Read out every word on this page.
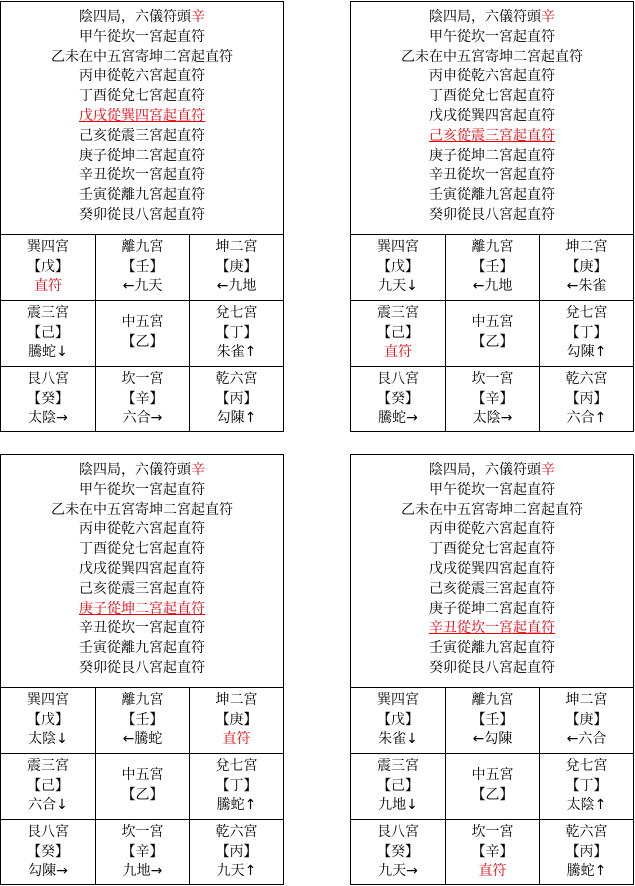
陰四局，六儀符頭辛
甲午從坎一宮起直符
乙未在中五宮寄坤二宮起直符
丙申從乾六宮起直符
丁酉從兌七宮起直符
戊戌從巽四宮起直符
己亥從震三宮起直符
庚子從坤二宮起直符
辛丑從坎一宮起直符
壬寅從離九宮起直符
癸卯從艮八宮起直符
巽四宮
【戊】
直符
離九宮
【壬】
←九天
坤二宮
【庚】
←九地
震三宮
【己】
騰蛇↓
中五宮
【乙】
兌七宮
【丁】
朱雀↑
艮八宮
【癸】
太陰→
坎一宮
【辛】
六合→
乾六宮
【丙】
勾陳↑
陰四局，六儀符頭辛
甲午從坎一宮起直符
乙未在中五宮寄坤二宮起直符
丙申從乾六宮起直符
丁酉從兌七宮起直符
戊戌從巽四宮起直符
己亥從震三宮起直符
庚子從坤二宮起直符
辛丑從坎一宮起直符
壬寅從離九宮起直符
癸卯從艮八宮起直符
巽四宮
【戊】
九天↓
離九宮
【壬】
←九地
坤二宮
【庚】
←朱雀
震三宮
【己】
直符
中五宮
【乙】
兌七宮
【丁】
勾陳↑
艮八宮
【癸】
騰蛇→
坎一宮
【辛】
太陰→
乾六宮
【丙】
六合↑
陰四局，六儀符頭辛
甲午從坎一宮起直符
乙未在中五宮寄坤二宮起直符
丙申從乾六宮起直符
丁酉從兌七宮起直符
戊戌從巽四宮起直符
己亥從震三宮起直符
庚子從坤二宮起直符
辛丑從坎一宮起直符
壬寅從離九宮起直符
癸卯從艮八宮起直符
巽四宮
【戊】
太陰↓
離九宮
【壬】
←騰蛇
坤二宮
【庚】
直符
震三宮
【己】
六合↓
中五宮
【乙】
兌七宮
【丁】
騰蛇↑
艮八宮
【癸】
勾陳→
坎一宮
【辛】
九地→
乾六宮
【丙】
九天↑
陰四局，六儀符頭辛
甲午從坎一宮起直符
乙未在中五宮寄坤二宮起直符
丙申從乾六宮起直符
丁酉從兌七宮起直符
戊戌從巽四宮起直符
己亥從震三宮起直符
庚子從坤二宮起直符
辛丑從坎一宮起直符
壬寅從離九宮起直符
癸卯從艮八宮起直符
巽四宮
【戊】
朱雀↓
離九宮
【壬】
←勾陳
坤二宮
【庚】
←六合
震三宮
【己】
九地↓
中五宮
【乙】
兌七宮
【丁】
太陰↑
艮八宮
【癸】
九天→
坎一宮
【辛】
直符
乾六宮
【丙】
騰蛇↑
